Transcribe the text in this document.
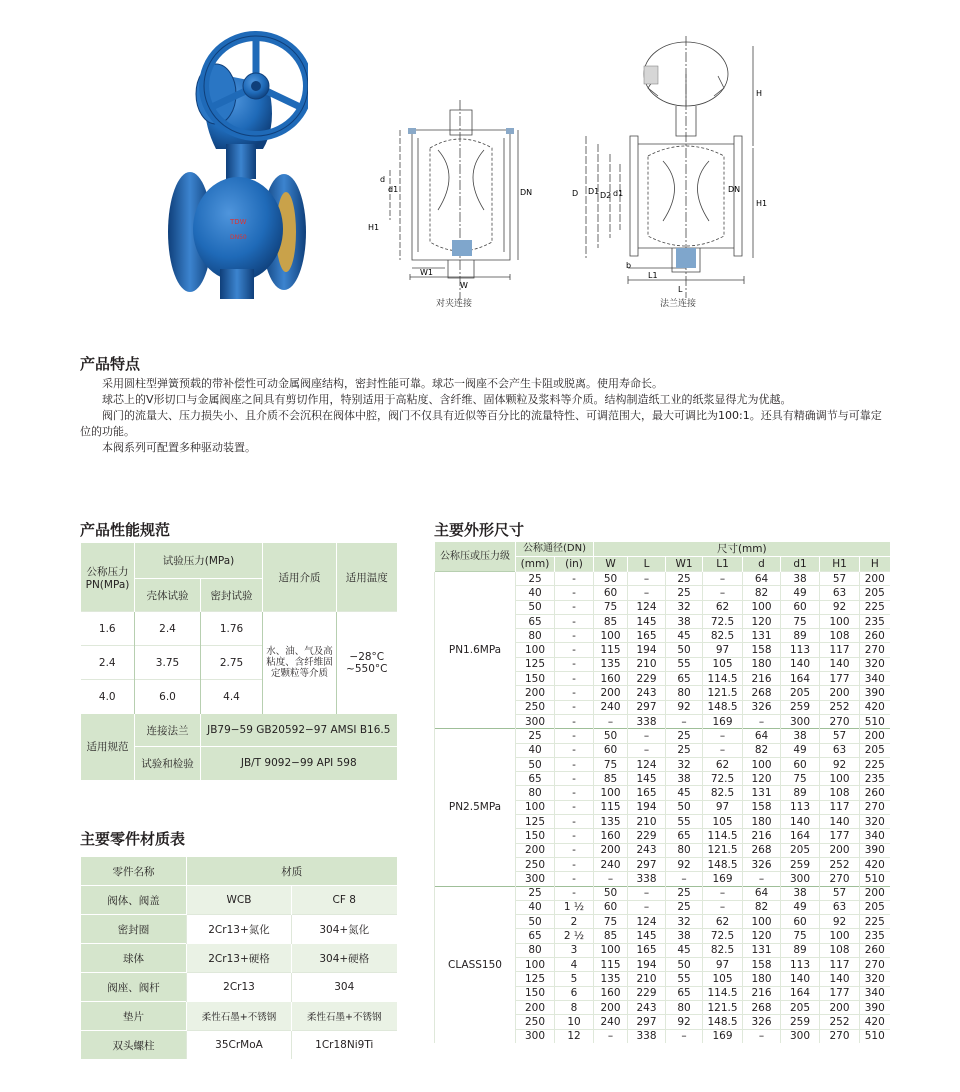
TDW
DN50
d
d1
H1
DN
W1
W
对夹连接
H
H1
D D1 D2 d1	DN
b
L1
L
法兰连接
产品特点
采用圆柱型弹簧预载的带补偿性可动金属阀座结构，密封性能可靠。球芯一阀座不会产生卡阻或脱离。使用寿命长。
球芯上的V形切口与金属阀座之间具有剪切作用，特别适用于高粘度、含纤维、固体颗粒及浆料等介质。结构制造纸工业的纸浆显得尤为优越。
阀门的流量大、压力损失小、且介质不会沉积在阀体中腔，阀门不仅具有近似等百分比的流量特性、可调范围大，最大可调比为100:1。还具有精确调节与可靠定位的功能。
本阀系列可配置多种驱动装置。
产品性能规范
公称压力PN(MPa)	试验压力(MPa)		适用介质	适用温度
	壳体试验	密封试验		
1.6	2.4	1.76	水、油、气及高粘度、含纤维固定颗粒等介质	−28°C
~550°C

2.4	3.75	2.75		
4.0	6.0	4.4		
适用规范	连接法兰	JB79−59 GB20592−97 AMSI B16.5		
	试验和检验	JB/T 9092−99 API 598		
主要零件材质表
零件名称	材质	
阀体、阀盖	WCB	CF 8
密封圈	2Cr13+氮化	304+氮化
球体	2Cr13+硬格	304+硬格
阀座、阀杆	2Cr13	304
垫片	柔性石墨+不锈钢	柔性石墨+不锈钢
双头螺柱	35CrMoA	1Cr18Ni9Ti
主要外形尺寸
公称压或压力级	公称通径(DN)		尺寸(mm)							
			W	L	W1	L1	d	d1	H1	H
	(mm)	(in)								
PN1.6MPa	25	-	50	–	25	–	64	38	57	200
	40	-	60	–	25	–	82	49	63	205
	50	-	75	124	32	62	100	60	92	225
	65	-	85	145	38	72.5	120	75	100	235
	80	-	100	165	45	82.5	131	89	108	260
	100	-	115	194	50	97	158	113	117	270
	125	-	135	210	55	105	180	140	140	320
	150	-	160	229	65	114.5	216	164	177	340
	200	-	200	243	80	121.5	268	205	200	390
	250	-	240	297	92	148.5	326	259	252	420
	300	-	–	338	–	169	–	300	270	510
PN2.5MPa	25	-	50	–	25	–	64	38	57	200
	40	-	60	–	25	–	82	49	63	205
	50	-	75	124	32	62	100	60	92	225
	65	-	85	145	38	72.5	120	75	100	235
	80	-	100	165	45	82.5	131	89	108	260
	100	-	115	194	50	97	158	113	117	270
	125	-	135	210	55	105	180	140	140	320
	150	-	160	229	65	114.5	216	164	177	340
	200	-	200	243	80	121.5	268	205	200	390
	250	-	240	297	92	148.5	326	259	252	420
	300	-	–	338	–	169	–	300	270	510
CLASS150	25	-	50	–	25	–	64	38	57	200
	40	1 ½	60	–	25	–	82	49	63	205
	50	2	75	124	32	62	100	60	92	225
	65	2 ½	85	145	38	72.5	120	75	100	235
	80	3	100	165	45	82.5	131	89	108	260
	100	4	115	194	50	97	158	113	117	270
	125	5	135	210	55	105	180	140	140	320
	150	6	160	229	65	114.5	216	164	177	340
	200	8	200	243	80	121.5	268	205	200	390
	250	10	240	297	92	148.5	326	259	252	420
	300	12	–	338	–	169	–	300	270	510
